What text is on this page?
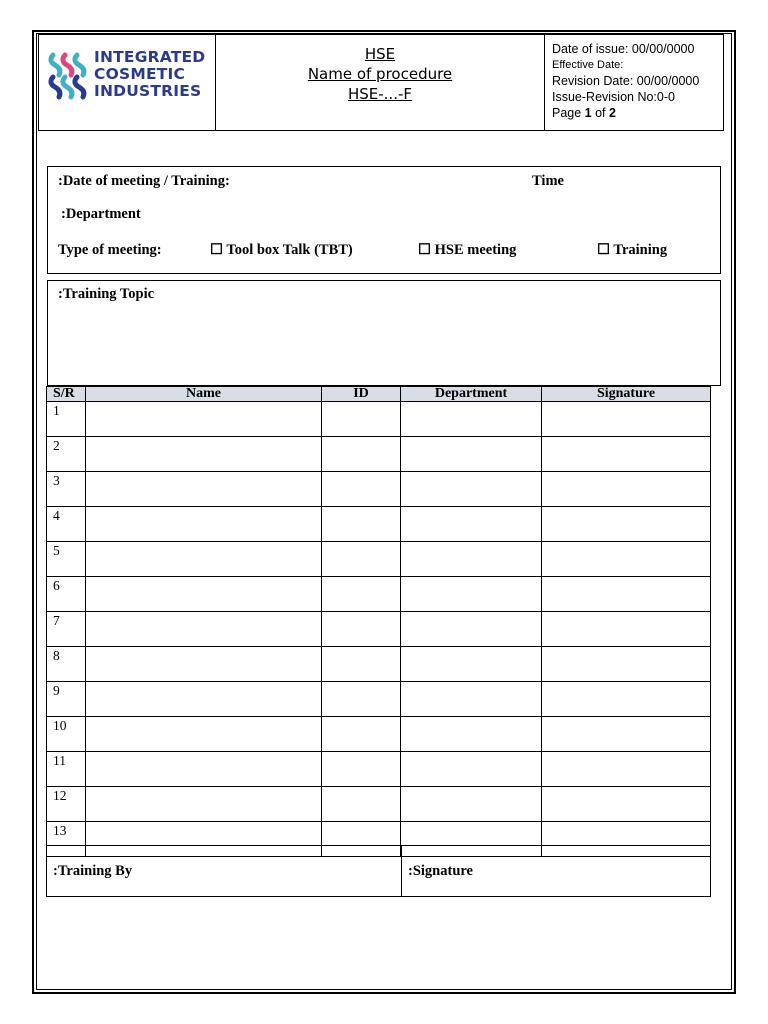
INTEGRATED
COSMETIC
INDUSTRIES
HSE
Name of procedure
HSE-...-F
Date of issue: 00/00/0000
Effective Date:
Revision Date: 00/00/0000
Issue-Revision No:0-0
Page 1 of 2
:Date of meeting / Training:	Time
:Department
Type of meeting:	☐ Tool box Talk (TBT)	☐ HSE meeting	☐ Training
:Training Topic
S/R	Name	ID	Department	Signature
1				
2				
3				
4				
5				
6				
7				
8				
9				
10				
11				
12				
13				
:Training By	:Signature
